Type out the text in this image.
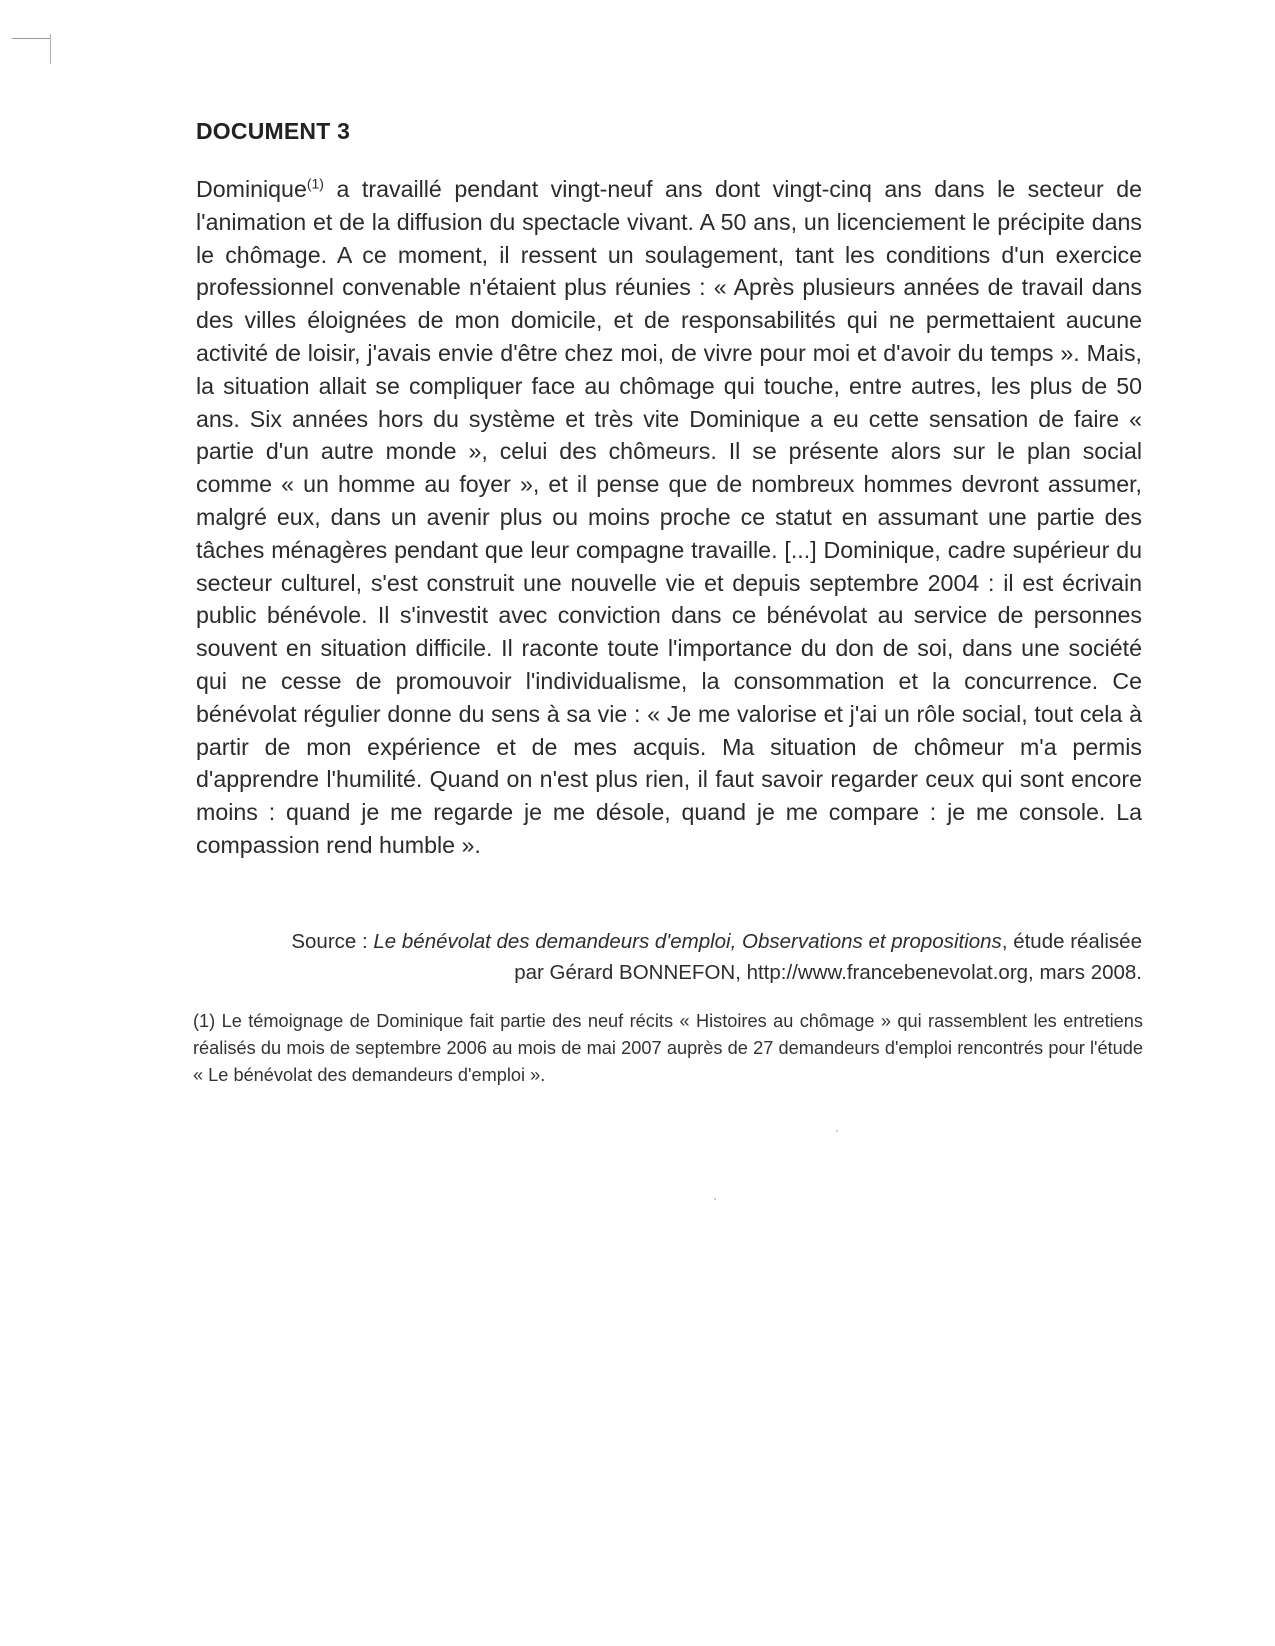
DOCUMENT 3

Dominique$^{(1)}$ a travaillé pendant vingt-neuf ans dont vingt-cinq ans dans le secteur de l'animation et de la diffusion du spectacle vivant. A 50 ans, un licenciement le précipite dans le chômage. A ce moment, il ressent un soulagement, tant les conditions d'un exercice professionnel convenable n'étaient plus réunies : « Après plusieurs années de travail dans des villes éloignées de mon domicile, et de responsabilités qui ne permettaient aucune activité de loisir, j'avais envie d'être chez moi, de vivre pour moi et d'avoir du temps ». Mais, la situation allait se compliquer face au chômage qui touche, entre autres, les plus de 50 ans. Six années hors du système et très vite Dominique a eu cette sensation de faire « partie d'un autre monde », celui des chômeurs. Il se présente alors sur le plan social comme « un homme au foyer », et il pense que de nombreux hommes devront assumer, malgré eux, dans un avenir plus ou moins proche ce statut en assumant une partie des tâches ménagères pendant que leur compagne travaille. [...] Dominique, cadre supérieur du secteur culturel, s'est construit une nouvelle vie et depuis septembre 2004 : il est écrivain public bénévole. Il s'investit avec conviction dans ce bénévolat au service de personnes souvent en situation difficile. Il raconte toute l'importance du don de soi, dans une société qui ne cesse de promouvoir l'individualisme, la consommation et la concurrence. Ce bénévolat régulier donne du sens à sa vie : « Je me valorise et j'ai un rôle social, tout cela à partir de mon expérience et de mes acquis. Ma situation de chômeur m'a permis d'apprendre l'humilité. Quand on n'est plus rien, il faut savoir regarder ceux qui sont encore moins : quand je me regarde je me désole, quand je me compare : je me console. La compassion rend humble ».

Source : Le bénévolat des demandeurs d'emploi, Observations et propositions, étude réalisée par Gérard BONNEFON, http://www.francebenevolat.org, mars 2008.
(1) Le témoignage de Dominique fait partie des neuf récits « Histoires au chômage » qui rassemblent les entretiens réalisés du mois de septembre 2006 au mois de mai 2007 auprès de 27 demandeurs d'emploi rencontrés pour l'étude « Le bénévolat des demandeurs d'emploi ».
